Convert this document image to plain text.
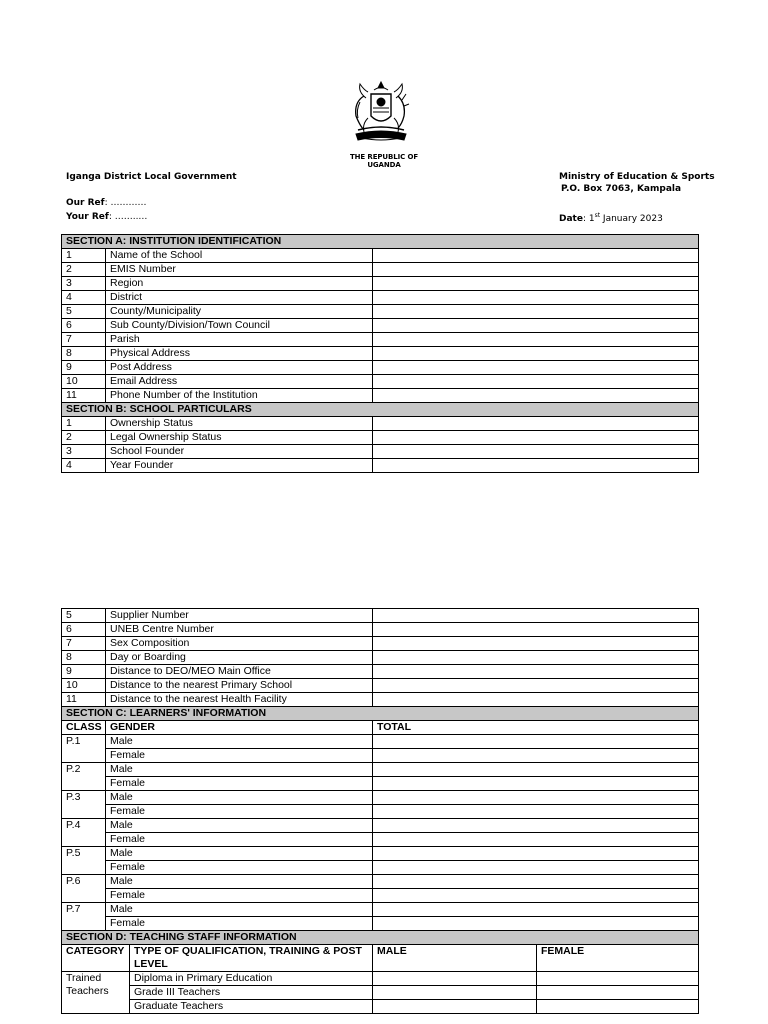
THE REPUBLIC OF UGANDA
Iganga District Local Government
Our Ref: …………
Your Ref: ……..…
Ministry of Education & Sports
P.O. Box 7063, Kampala
Date: 1st January 2023
SECTION A: INSTITUTION IDENTIFICATION		
1	Name of the School	
2	EMIS Number	
3	Region	
4	District	
5	County/Municipality	
6	Sub County/Division/Town Council	
7	Parish	
8	Physical Address	
9	Post Address	
10	Email Address	
11	Phone Number of the Institution	
SECTION B: SCHOOL PARTICULARS		
1	Ownership Status	
2	Legal Ownership Status	
3	School Founder	
4	Year Founder	
5	Supplier Number			
6	UNEB Centre Number			
7	Sex Composition			
8	Day or Boarding			
9	Distance to DEO/MEO Main Office			
10	Distance to the nearest Primary School			
11	Distance to the nearest Health Facility			
SECTION C: LEARNERS' INFORMATION				
CLASS	GENDER		TOTAL	
P.1	Male			
	Female			
P.2	Male			
	Female			
P.3	Male			
	Female			
P.4	Male			
	Female			
P.5	Male			
	Female			
P.6	Male			
	Female			
P.7	Male			
	Female			
SECTION D: TEACHING STAFF INFORMATION				
CATEGORY		TYPE OF QUALIFICATION, TRAINING & POST LEVEL	MALE	FEMALE
Trained Teachers		Diploma in Primary Education		
		Grade III Teachers		
		Graduate Teachers		
